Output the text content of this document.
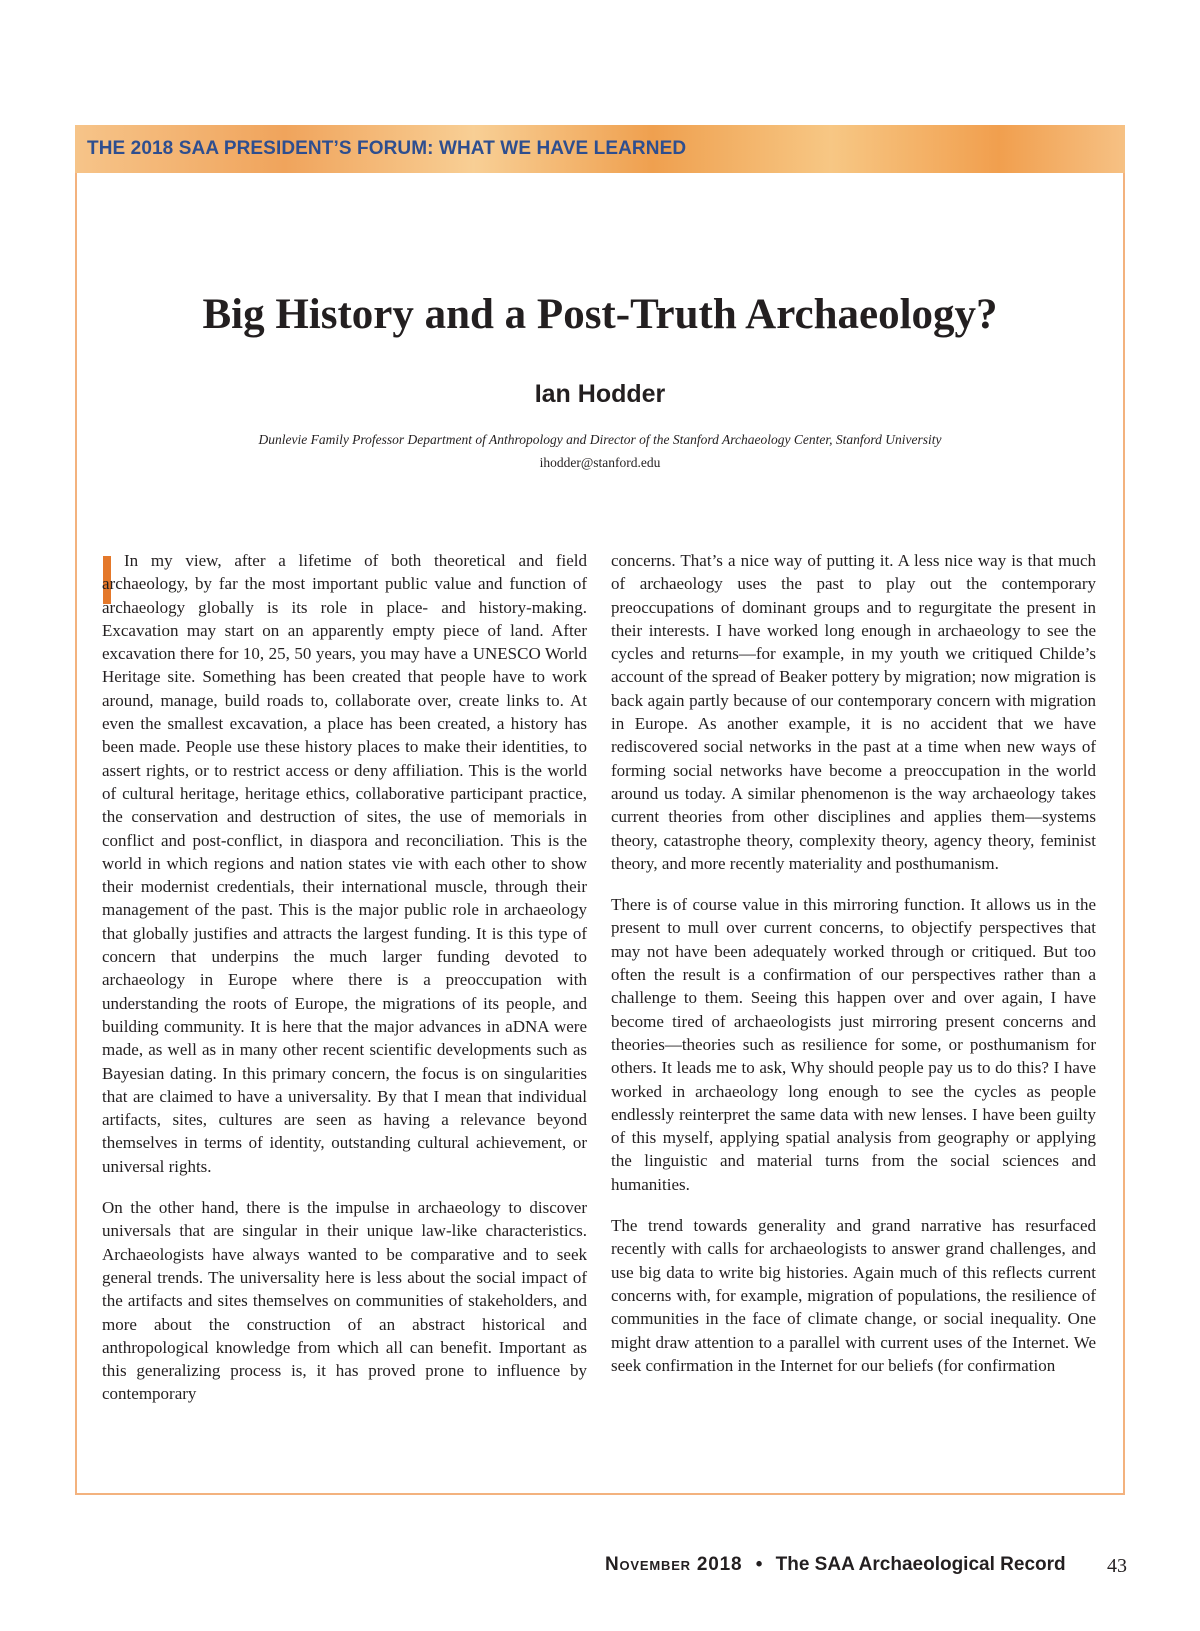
THE 2018 SAA PRESIDENT’S FORUM: WHAT WE HAVE LEARNED
Big History and a Post-Truth Archaeology?
Ian Hodder
Dunlevie Family Professor Department of Anthropology and Director of the Stanford Archaeology Center, Stanford University
ihodder@stanford.edu

In my view, after a lifetime of both theoretical and field archaeology, by far the most important public value and function of archaeology globally is its role in place- and history-making. Excavation may start on an apparently empty piece of land. After excavation there for 10, 25, 50 years, you may have a UNESCO World Heritage site. Something has been created that people have to work around, manage, build roads to, collaborate over, create links to. At even the smallest excavation, a place has been created, a history has been made. People use these history places to make their identities, to assert rights, or to restrict access or deny affiliation. This is the world of cultural heritage, heritage ethics, collaborative participant practice, the conservation and destruction of sites, the use of memorials in conflict and post-conflict, in diaspora and reconciliation. This is the world in which regions and nation states vie with each other to show their modernist credentials, their international muscle, through their management of the past. This is the major public role in archaeology that globally justifies and attracts the largest funding. It is this type of concern that underpins the much larger funding devoted to archaeology in Europe where there is a preoccupation with understanding the roots of Europe, the migrations of its people, and building community. It is here that the major advances in aDNA were made, as well as in many other recent scientific developments such as Bayesian dating. In this primary concern, the focus is on singularities that are claimed to have a universality. By that I mean that individual artifacts, sites, cultures are seen as having a relevance beyond themselves in terms of identity, outstanding cultural achievement, or universal rights.

On the other hand, there is the impulse in archaeology to discover universals that are singular in their unique law-like characteristics. Archaeologists have always wanted to be comparative and to seek general trends. The universality here is less about the social impact of the artifacts and sites themselves on communities of stakeholders, and more about the construction of an abstract historical and anthropological knowledge from which all can benefit. Important as this generalizing process is, it has proved prone to influence by contemporary

concerns. That’s a nice way of putting it. A less nice way is that much of archaeology uses the past to play out the contemporary preoccupations of dominant groups and to regurgitate the present in their interests. I have worked long enough in archaeology to see the cycles and returns—for example, in my youth we critiqued Childe’s account of the spread of Beaker pottery by migration; now migration is back again partly because of our contemporary concern with migration in Europe. As another example, it is no accident that we have rediscovered social networks in the past at a time when new ways of forming social networks have become a preoccupation in the world around us today. A similar phenomenon is the way archaeology takes current theories from other disciplines and applies them—systems theory, catastrophe theory, complexity theory, agency theory, feminist theory, and more recently materiality and posthumanism.

There is of course value in this mirroring function. It allows us in the present to mull over current concerns, to objectify perspectives that may not have been adequately worked through or critiqued. But too often the result is a confirmation of our perspectives rather than a challenge to them. Seeing this happen over and over again, I have become tired of archaeologists just mirroring present concerns and theories—theories such as resilience for some, or posthumanism for others. It leads me to ask, Why should people pay us to do this? I have worked in archaeology long enough to see the cycles as people endlessly reinterpret the same data with new lenses. I have been guilty of this myself, applying spatial analysis from geography or applying the linguistic and material turns from the social sciences and humanities.

The trend towards generality and grand narrative has resurfaced recently with calls for archaeologists to answer grand challenges, and use big data to write big histories. Again much of this reflects current concerns with, for example, migration of populations, the resilience of communities in the face of climate change, or social inequality. One might draw attention to a parallel with current uses of the Internet. We seek confirmation in the Internet for our beliefs (for confirmation

November 2018 • The SAA Archaeological Record 43
